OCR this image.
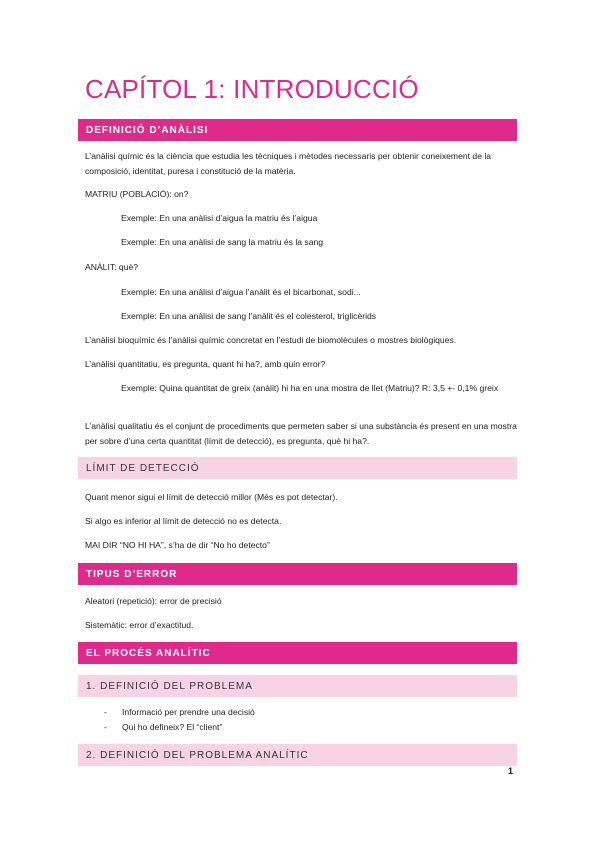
CAPÍTOL 1: INTRODUCCIÓ
DEFINICIÓ D’ANÀLISI

L’anàlisi químic és la ciència que estudia les tècniques i mètodes necessaris per obtenir coneixement de la composició, identitat, puresa i constitució de la matèria.

MATRIU (POBLACIÓ): on?

Exemple: En una anàlisi d’aigua la matriu és l’aigua

Exemple: En una anàlisi de sang la matriu és la sang

ANÀLIT: què?

Exemple: En una anàlisi d’aigua l’anàlit és el bicarbonat, sodi...

Exemple: En una anàlisi de sang l’anàlit és el colesterol, triglicèrids

L’anàlisi bioquímic és l’anàlisi químic concretat en l’estudi de biomolècules o mostres biològiques.

L’anàlisi quantitatiu, es pregunta, quant hi ha?, amb quin error?

Exemple: Quina quantitat de greix (anàlit) hi ha en una mostra de llet (Matriu)? R: 3,5 +- 0,1% greix

L’anàlisi qualitatiu és el conjunt de procediments que permeten saber si una substància és present en una mostra per sobre d’una certa quantitat (límit de detecció), es pregunta, què hi ha?.

LÍMIT DE DETECCIÓ

Quant menor sigui el límit de detecció millor (Més es pot detectar).

Si algo es inferior al límit de detecció no es detecta.

MAI DIR “NO HI HA”, s’ha de dir “No ho detecto”

TIPUS D’ERROR

Aleatori (repetició): error de precisió

Sistemàtic: error d’exactitud.

EL PROCÉS ANALÍTIC
1. DEFINICIÓ DEL PROBLEMA
-	Informació per prendre una decisió
-	Qui ho defineix? El “client”
2. DEFINICIÓ DEL PROBLEMA ANALÍTIC
1
